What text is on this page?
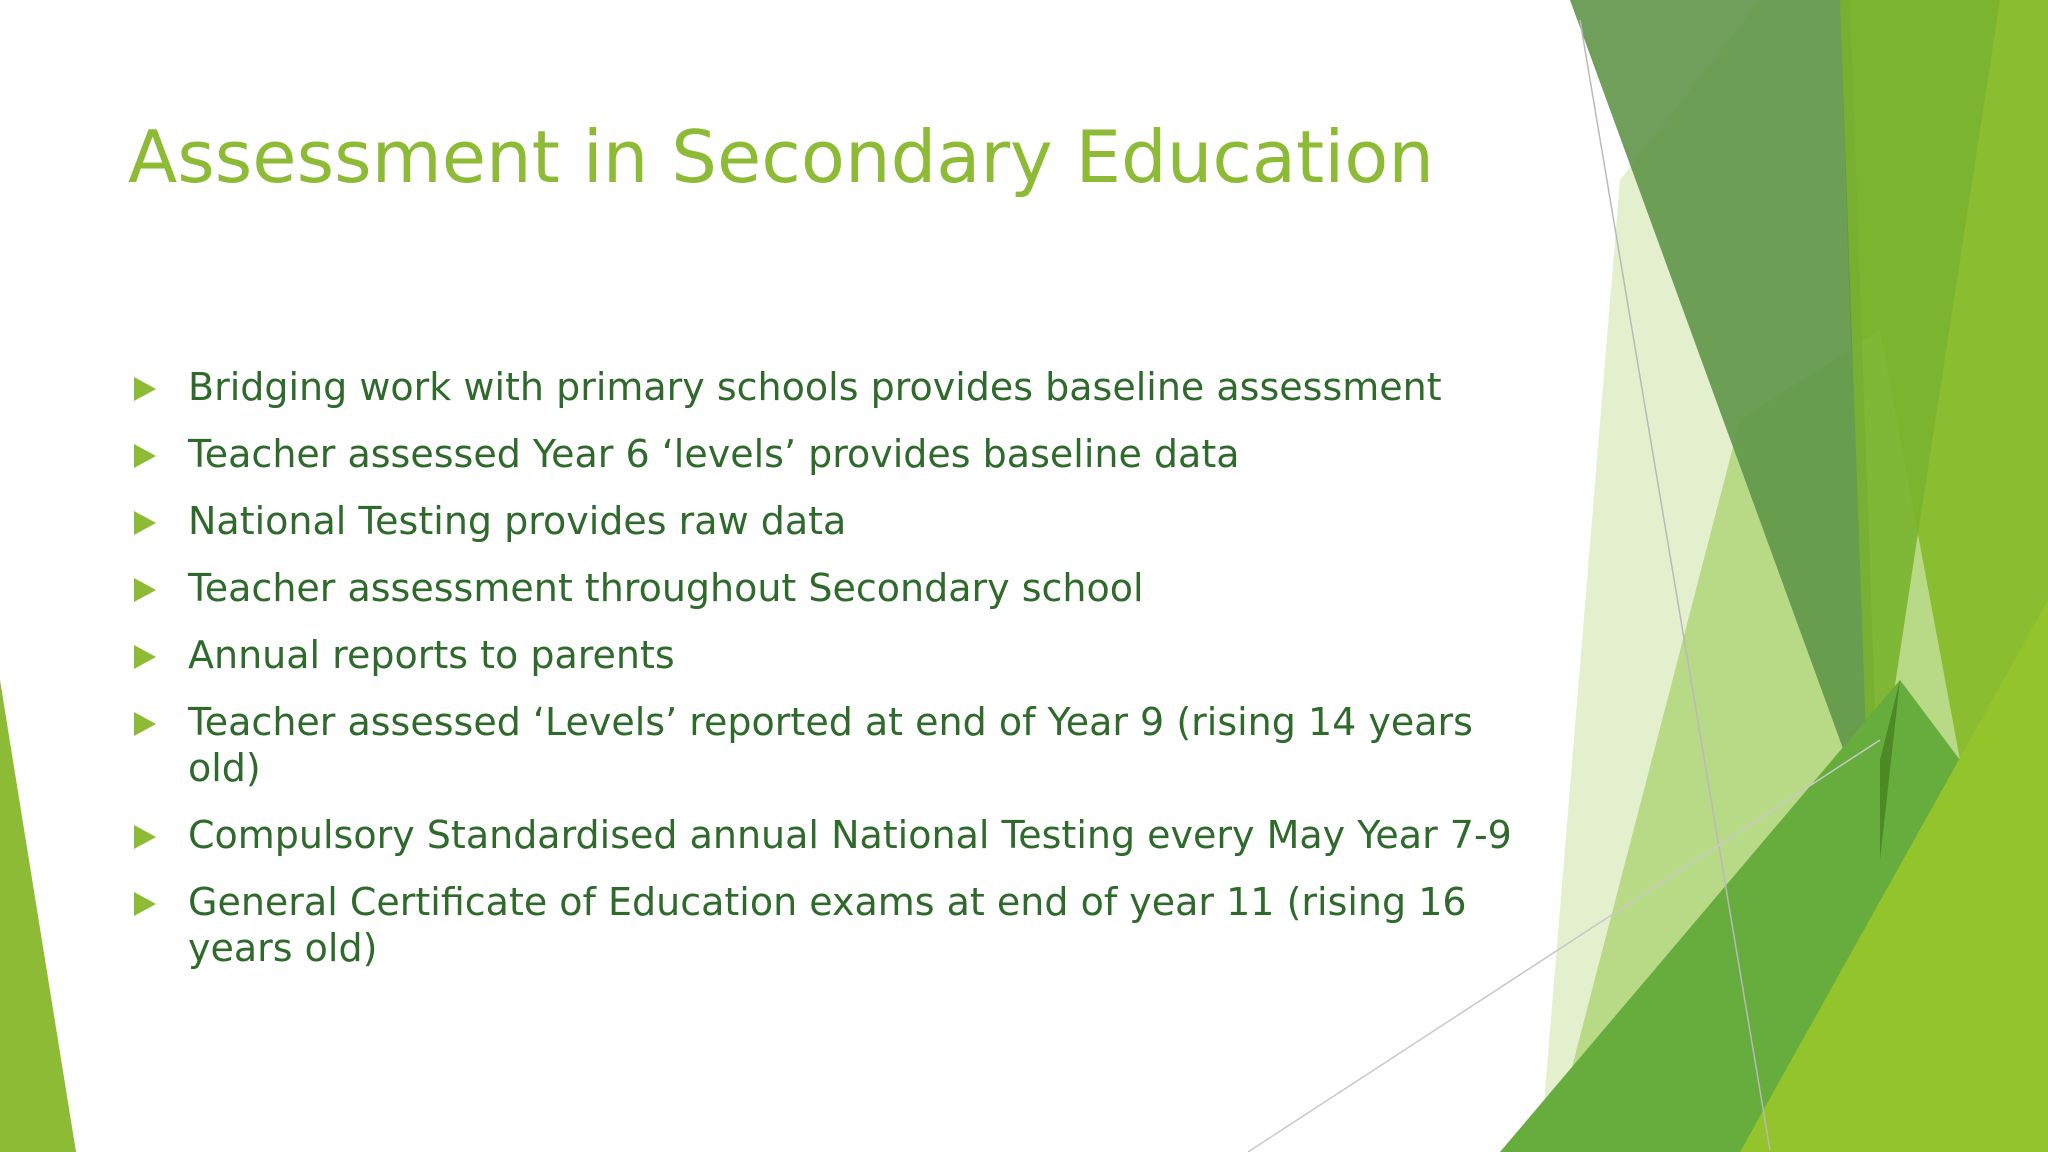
Assessment in Secondary Education
Bridging work with primary schools provides baseline assessment
Teacher assessed Year 6 ‘levels’ provides baseline data
National Testing provides raw data
Teacher assessment throughout Secondary school
Annual reports to parents
Teacher assessed ‘Levels’ reported at end of Year 9 (rising 14 years old)
Compulsory Standardised annual National Testing every May Year 7-9
General Certificate of Education exams at end of year 11 (rising 16 years old)
